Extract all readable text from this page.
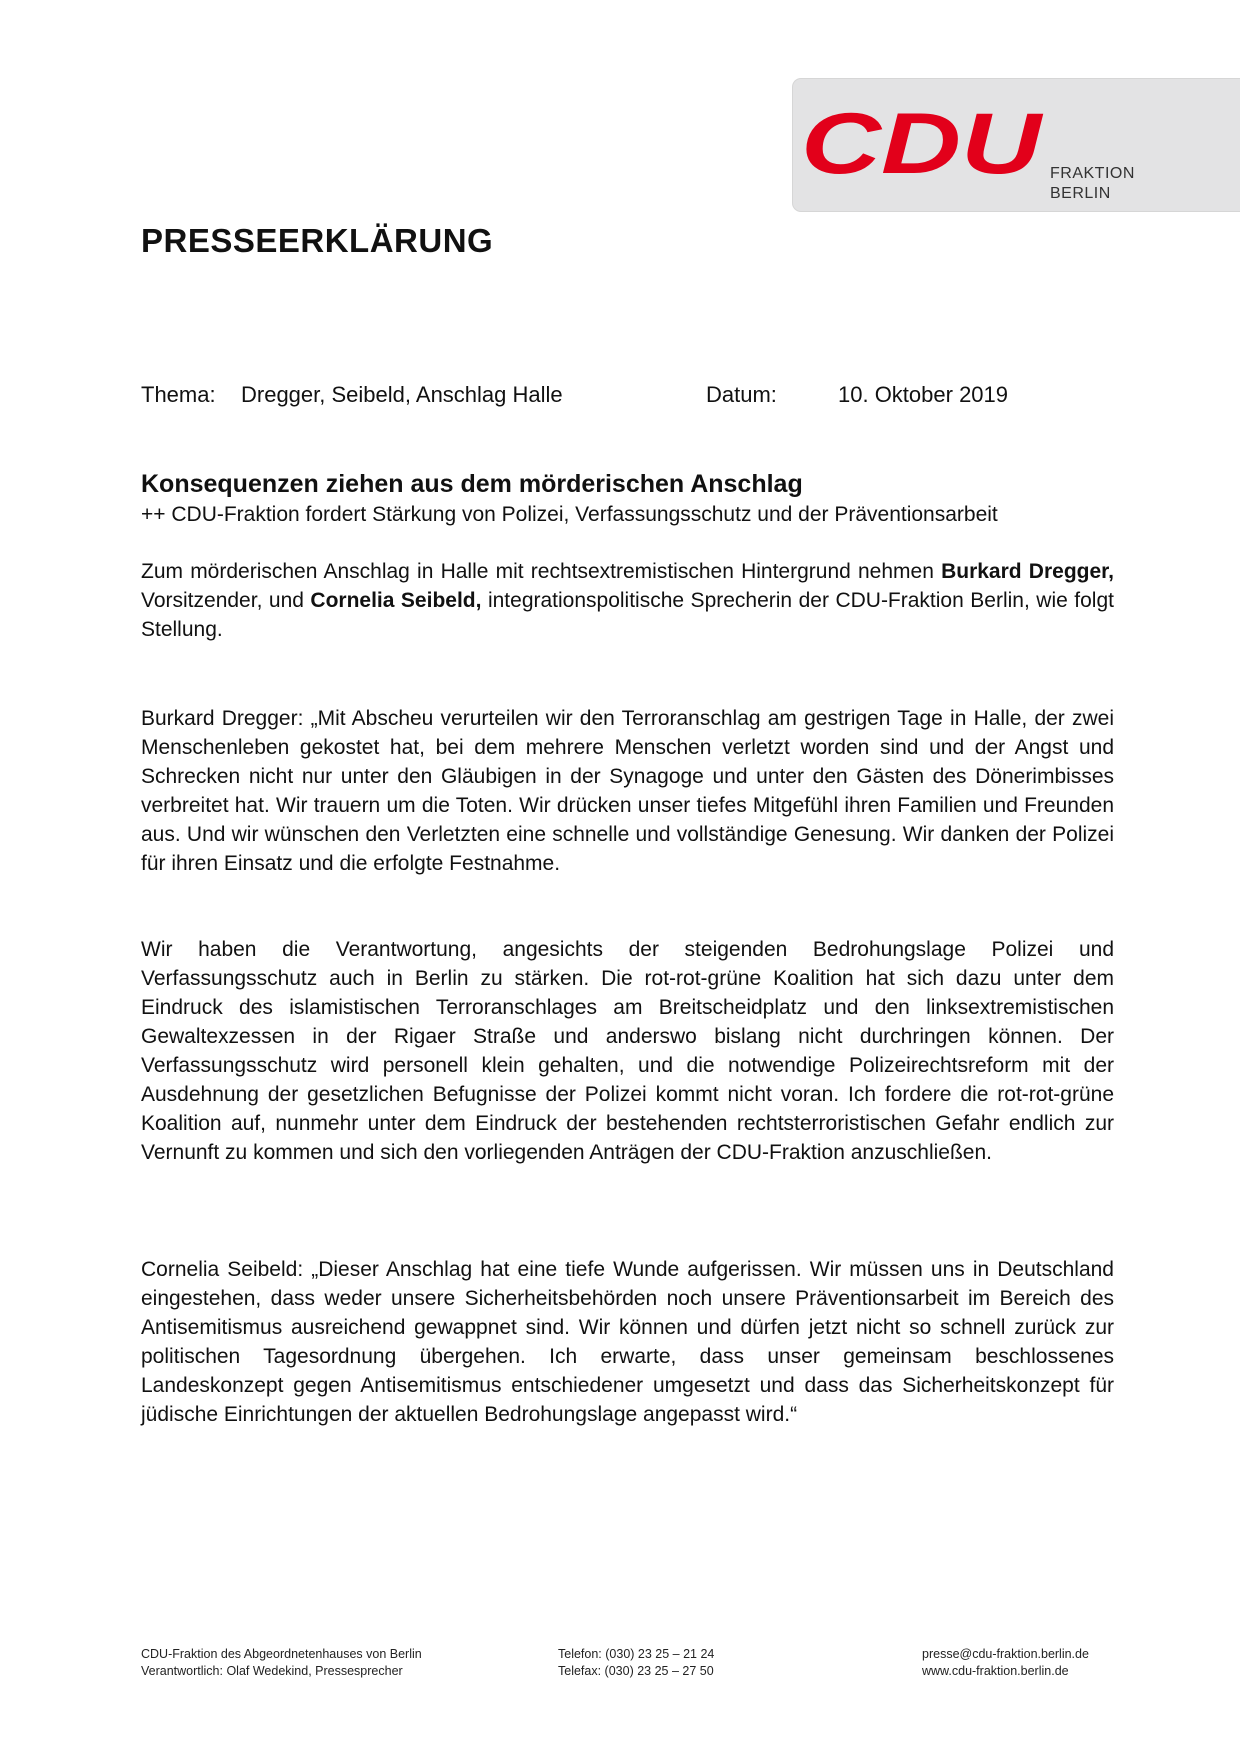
CDU FRAKTION
BERLIN
PRESSEERKLÄRUNG
Thema: Dregger, Seibeld, Anschlag Halle	Datum:	10. Oktober 2019
Konsequenzen ziehen aus dem mörderischen Anschlag
++ CDU-Fraktion fordert Stärkung von Polizei, Verfassungsschutz und der Präventionsarbeit

Zum mörderischen Anschlag in Halle mit rechtsextremistischen Hintergrund nehmen Burkard Dregger, Vorsitzender, und Cornelia Seibeld, integrationspolitische Sprecherin der CDU-Fraktion Berlin, wie folgt Stellung.

Burkard Dregger: „Mit Abscheu verurteilen wir den Terroranschlag am gestrigen Tage in Halle, der zwei Menschenleben gekostet hat, bei dem mehrere Menschen verletzt worden sind und der Angst und Schrecken nicht nur unter den Gläubigen in der Synagoge und unter den Gästen des Dönerimbisses verbreitet hat. Wir trauern um die Toten. Wir drücken unser tiefes Mitgefühl ihren Familien und Freunden aus. Und wir wünschen den Verletzten eine schnelle und vollständige Genesung. Wir danken der Polizei für ihren Einsatz und die erfolgte Festnahme.

Wir haben die Verantwortung, angesichts der steigenden Bedrohungslage Polizei und Verfassungsschutz auch in Berlin zu stärken. Die rot-rot-grüne Koalition hat sich dazu unter dem Eindruck des islamistischen Terroranschlages am Breitscheidplatz und den linksextremistischen Gewaltexzessen in der Rigaer Straße und anderswo bislang nicht durchringen können. Der Verfassungsschutz wird personell klein gehalten, und die notwendige Polizeirechtsreform mit der Ausdehnung der gesetzlichen Befugnisse der Polizei kommt nicht voran. Ich fordere die rot-rot-grüne Koalition auf, nunmehr unter dem Eindruck der bestehenden rechtsterroristischen Gefahr endlich zur Vernunft zu kommen und sich den vorliegenden Anträgen der CDU-Fraktion anzuschließen.

Cornelia Seibeld: „Dieser Anschlag hat eine tiefe Wunde aufgerissen. Wir müssen uns in Deutschland eingestehen, dass weder unsere Sicherheitsbehörden noch unsere Präventionsarbeit im Bereich des Antisemitismus ausreichend gewappnet sind. Wir können und dürfen jetzt nicht so schnell zurück zur politischen Tagesordnung übergehen. Ich erwarte, dass unser gemeinsam beschlossenes Landeskonzept gegen Antisemitismus entschiedener umgesetzt und dass das Sicherheitskonzept für jüdische Einrichtungen der aktuellen Bedrohungslage angepasst wird.“

CDU-Fraktion des Abgeordnetenhauses von Berlin
Verantwortlich: Olaf Wedekind, Pressesprecher
Telefon: (030) 23 25 – 21 24
Telefax: (030) 23 25 – 27 50
presse@cdu-fraktion.berlin.de
www.cdu-fraktion.berlin.de
